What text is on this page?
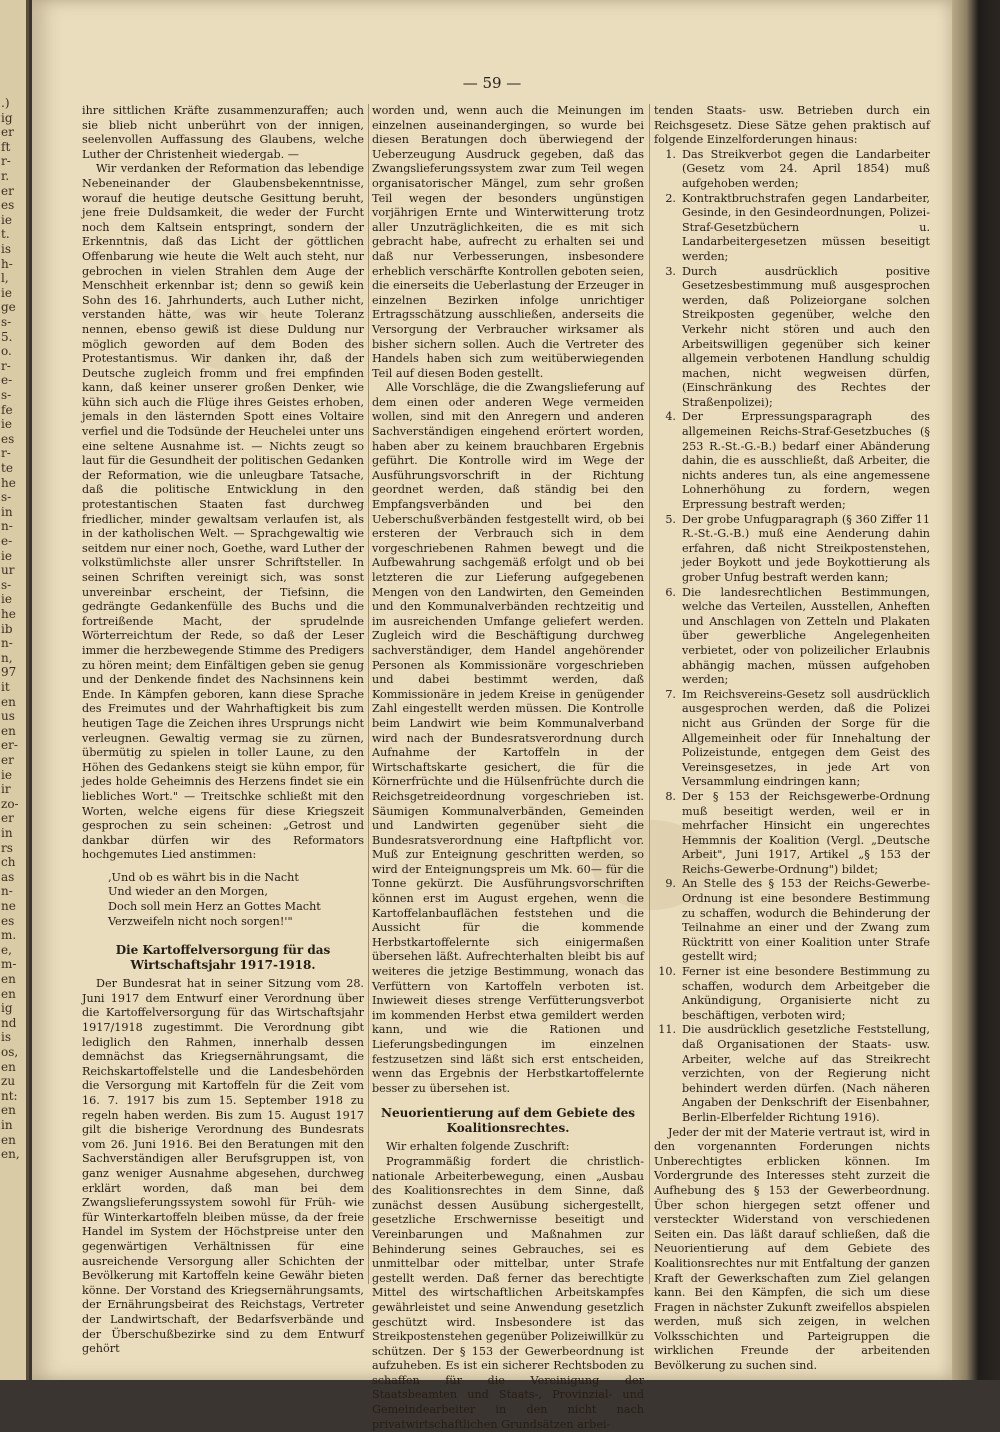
.)
ig
er
ft
r-
r.
er
es
ie
t.
is
h-
l,
ie
ge
s-
5.
o.
r-
e-
s-
fe
ie
es
r-
te
he
s-
in
n-
e-
ie
ur
s-
ie
he
ib
n-
n,
97
it
en
us
en
er-
er
ie
ir
zo-
er
in
rs
ch
as
n-
ne
es
m.
e,
m-
en
en
ig
nd
is
os,
en
zu
nt:
en
in
en
en,
— 59 —

ihre sittlichen Kräfte zusammenzuraffen; auch sie blieb nicht unberührt von der innigen, seelenvollen Auffassung des Glaubens, welche Luther der Christenheit wiedergab. —

Wir verdanken der Reformation das lebendige Nebeneinander der Glaubensbekenntnisse, worauf die heutige deutsche Gesittung beruht, jene freie Duldsamkeit, die weder der Furcht noch dem Kaltsein entspringt, sondern der Erkenntnis, daß das Licht der göttlichen Offenbarung wie heute die Welt auch steht, nur gebrochen in vielen Strahlen dem Auge der Menschheit erkennbar ist; denn so gewiß kein Sohn des 16. Jahrhunderts, auch Luther nicht, verstanden hätte, was wir heute Toleranz nennen, ebenso gewiß ist diese Duldung nur möglich geworden auf dem Boden des Protestantismus. Wir danken ihr, daß der Deutsche zugleich fromm und frei empfinden kann, daß keiner unserer großen Denker, wie kühn sich auch die Flüge ihres Geistes erhoben, jemals in den lästernden Spott eines Voltaire verfiel und die Todsünde der Heuchelei unter uns eine seltene Ausnahme ist. — Nichts zeugt so laut für die Gesundheit der politischen Gedanken der Reformation, wie die unleugbare Tatsache, daß die politische Entwicklung in den protestantischen Staaten fast durchweg friedlicher, minder gewaltsam verlaufen ist, als in der katholischen Welt. — Sprachgewaltig wie seitdem nur einer noch, Goethe, ward Luther der volkstümlichste aller unsrer Schriftsteller. In seinen Schriften vereinigt sich, was sonst unvereinbar erscheint, der Tiefsinn, die gedrängte Gedankenfülle des Buchs und die fortreißende Macht, der sprudelnde Wörterreichtum der Rede, so daß der Leser immer die herzbewegende Stimme des Predigers zu hören meint; dem Einfältigen geben sie genug und der Denkende findet des Nachsinnens kein Ende. In Kämpfen geboren, kann diese Sprache des Freimutes und der Wahrhaftigkeit bis zum heutigen Tage die Zeichen ihres Ursprungs nicht verleugnen. Gewaltig vermag sie zu zürnen, übermütig zu spielen in toller Laune, zu den Höhen des Gedankens steigt sie kühn empor, für jedes holde Geheimnis des Herzens findet sie ein liebliches Wort." — Treitschke schließt mit den Worten, welche eigens für diese Kriegszeit gesprochen zu sein scheinen: „Getrost und dankbar dürfen wir des Reformators hochgemutes Lied anstimmen:

‚Und ob es währt bis in die Nacht
Und wieder an den Morgen,
Doch soll mein Herz an Gottes Macht
Verzweifeln nicht noch sorgen!'"
Die Kartoffelversorgung für das Wirtschaftsjahr 1917-1918.

Der Bundesrat hat in seiner Sitzung vom 28. Juni 1917 dem Entwurf einer Verordnung über die Kartoffelversorgung für das Wirtschaftsjahr 1917/1918 zugestimmt. Die Verordnung gibt lediglich den Rahmen, innerhalb dessen demnächst das Kriegsernährungsamt, die Reichskartoffelstelle und die Landesbehörden die Versorgung mit Kartoffeln für die Zeit vom 16. 7. 1917 bis zum 15. September 1918 zu regeln haben werden. Bis zum 15. August 1917 gilt die bisherige Verordnung des Bundesrats vom 26. Juni 1916. Bei den Beratungen mit den Sachverständigen aller Berufsgruppen ist, von ganz weniger Ausnahme abgesehen, durchweg erklärt worden, daß man bei dem Zwangslieferungssystem sowohl für Früh- wie für Winterkartoffeln bleiben müsse, da der freie Handel im System der Höchstpreise unter den gegenwärtigen Verhältnissen für eine ausreichende Versorgung aller Schichten der Bevölkerung mit Kartoffeln keine Gewähr bieten könne. Der Vorstand des Kriegsernährungsamts, der Ernährungsbeirat des Reichstags, Vertreter der Landwirtschaft, der Bedarfsverbände und der Überschußbezirke sind zu dem Entwurf gehört

worden und, wenn auch die Meinungen im einzelnen auseinandergingen, so wurde bei diesen Beratungen doch überwiegend der Ueberzeugung Ausdruck gegeben, daß das Zwangslieferungssystem zwar zum Teil wegen organisatorischer Mängel, zum sehr großen Teil wegen der besonders ungünstigen vorjährigen Ernte und Winterwitterung trotz aller Unzuträglichkeiten, die es mit sich gebracht habe, aufrecht zu erhalten sei und daß nur Verbesserungen, insbesondere erheblich verschärfte Kontrollen geboten seien, die einerseits die Ueberlastung der Erzeuger in einzelnen Bezirken infolge unrichtiger Ertragsschätzung ausschließen, anderseits die Versorgung der Verbraucher wirksamer als bisher sichern sollen. Auch die Vertreter des Handels haben sich zum weitüberwiegenden Teil auf diesen Boden gestellt.

Alle Vorschläge, die die Zwangslieferung auf dem einen oder anderen Wege vermeiden wollen, sind mit den Anregern und anderen Sachverständigen eingehend erörtert worden, haben aber zu keinem brauchbaren Ergebnis geführt. Die Kontrolle wird im Wege der Ausführungsvorschrift in der Richtung geordnet werden, daß ständig bei den Empfangsverbänden und bei den Ueberschußverbänden festgestellt wird, ob bei ersteren der Verbrauch sich in dem vorgeschriebenen Rahmen bewegt und die Aufbewahrung sachgemäß erfolgt und ob bei letzteren die zur Lieferung aufgegebenen Mengen von den Landwirten, den Gemeinden und den Kommunalverbänden rechtzeitig und im ausreichenden Umfange geliefert werden. Zugleich wird die Beschäftigung durchweg sachverständiger, dem Handel angehörender Personen als Kommissionäre vorgeschrieben und dabei bestimmt werden, daß Kommissionäre in jedem Kreise in genügender Zahl eingestellt werden müssen. Die Kontrolle beim Landwirt wie beim Kommunalverband wird nach der Bundesratsverordnung durch Aufnahme der Kartoffeln in der Wirtschaftskarte gesichert, die für die Körnerfrüchte und die Hülsenfrüchte durch die Reichsgetreideordnung vorgeschrieben ist. Säumigen Kommunalverbänden, Gemeinden und Landwirten gegenüber sieht die Bundesratsverordnung eine Haftpflicht vor. Muß zur Enteignung geschritten werden, so wird der Enteignungspreis um Mk. 60— für die Tonne gekürzt. Die Ausführungsvorschriften können erst im August ergehen, wenn die Kartoffelanbauflächen feststehen und die Aussicht für die kommende Herbstkartoffelernte sich einigermaßen übersehen läßt. Aufrechterhalten bleibt bis auf weiteres die jetzige Bestimmung, wonach das Verfüttern von Kartoffeln verboten ist. Inwieweit dieses strenge Verfütterungsverbot im kommenden Herbst etwa gemildert werden kann, und wie die Rationen und Lieferungsbedingungen im einzelnen festzusetzen sind läßt sich erst entscheiden, wenn das Ergebnis der Herbstkartoffelernte besser zu übersehen ist.

Neuorientierung auf dem Gebiete des Koalitionsrechtes.

Wir erhalten folgende Zuschrift:

Programmäßig fordert die christlich-nationale Arbeiterbewegung, einen „Ausbau des Koalitionsrechtes in dem Sinne, daß zunächst dessen Ausübung sichergestellt, gesetzliche Erschwernisse beseitigt und Vereinbarungen und Maßnahmen zur Behinderung seines Gebrauches, sei es unmittelbar oder mittelbar, unter Strafe gestellt werden. Daß ferner das berechtigte Mittel des wirtschaftlichen Arbeitskampfes gewährleistet und seine Anwendung gesetzlich geschützt wird. Insbesondere ist das Streikpostenstehen gegenüber Polizeiwillkür zu schützen. Der § 153 der Gewerbeordnung ist aufzuheben. Es ist ein sicherer Rechtsboden zu schaffen für die Vereinigung der Staatsbeamten und Staats-, Provinzial- und Gemeindearbeiter in den nicht nach privatwirtschaftlichen Grundsätzen arbei-

tenden Staats- usw. Betrieben durch ein Reichsgesetz. Diese Sätze gehen praktisch auf folgende Einzelforderungen hinaus:

1. Das Streikverbot gegen die Landarbeiter (Gesetz vom 24. April 1854) muß aufgehoben werden;
2. Kontraktbruchstrafen gegen Landarbeiter, Gesinde, in den Gesindeordnungen, Polizei-Straf-Gesetzbüchern u. Landarbeitergesetzen müssen beseitigt werden;
3. Durch ausdrücklich positive Gesetzesbestimmung muß ausgesprochen werden, daß Polizeiorgane solchen Streikposten gegenüber, welche den Verkehr nicht stören und auch den Arbeitswilligen gegenüber sich keiner allgemein verbotenen Handlung schuldig machen, nicht wegweisen dürfen, (Einschränkung des Rechtes der Straßenpolizei);
4. Der Erpressungsparagraph des allgemeinen Reichs-Straf-Gesetzbuches (§ 253 R.-St.-G.-B.) bedarf einer Abänderung dahin, die es ausschließt, daß Arbeiter, die nichts anderes tun, als eine angemessene Lohnerhöhung zu fordern, wegen Erpressung bestraft werden;
5. Der grobe Unfugparagraph (§ 360 Ziffer 11 R.-St.-G.-B.) muß eine Aenderung dahin erfahren, daß nicht Streikpostenstehen, jeder Boykott und jede Boykottierung als grober Unfug bestraft werden kann;
6. Die landesrechtlichen Bestimmungen, welche das Verteilen, Ausstellen, Anheften und Anschlagen von Zetteln und Plakaten über gewerbliche Angelegenheiten verbietet, oder von polizeilicher Erlaubnis abhängig machen, müssen aufgehoben werden;
7. Im Reichsvereins-Gesetz soll ausdrücklich ausgesprochen werden, daß die Polizei nicht aus Gründen der Sorge für die Allgemeinheit oder für Innehaltung der Polizeistunde, entgegen dem Geist des Vereinsgesetzes, in jede Art von Versammlung eindringen kann;
8. Der § 153 der Reichsgewerbe-Ordnung muß beseitigt werden, weil er in mehrfacher Hinsicht ein ungerechtes Hemmnis der Koalition (Vergl. „Deutsche Arbeit", Juni 1917, Artikel „§ 153 der Reichs-Gewerbe-Ordnung") bildet;
9. An Stelle des § 153 der Reichs-Gewerbe-Ordnung ist eine besondere Bestimmung zu schaffen, wodurch die Behinderung der Teilnahme an einer und der Zwang zum Rücktritt von einer Koalition unter Strafe gestellt wird;
10. Ferner ist eine besondere Bestimmung zu schaffen, wodurch dem Arbeitgeber die Ankündigung, Organisierte nicht zu beschäftigen, verboten wird;
11. Die ausdrücklich gesetzliche Feststellung, daß Organisationen der Staats- usw. Arbeiter, welche auf das Streikrecht verzichten, von der Regierung nicht behindert werden dürfen. (Nach näheren Angaben der Denkschrift der Eisenbahner, Berlin-Elberfelder Richtung 1916).

Jeder der mit der Materie vertraut ist, wird in den vorgenannten Forderungen nichts Unberechtigtes erblicken können. Im Vordergrunde des Interesses steht zurzeit die Aufhebung des § 153 der Gewerbeordnung. Über schon hiergegen setzt offener und versteckter Widerstand von verschiedenen Seiten ein. Das läßt darauf schließen, daß die Neuorientierung auf dem Gebiete des Koalitionsrechtes nur mit Entfaltung der ganzen Kraft der Gewerkschaften zum Ziel gelangen kann. Bei den Kämpfen, die sich um diese Fragen in nächster Zukunft zweifellos abspielen werden, muß sich zeigen, in welchen Volksschichten und Parteigruppen die wirklichen Freunde der arbeitenden Bevölkerung zu suchen sind.
